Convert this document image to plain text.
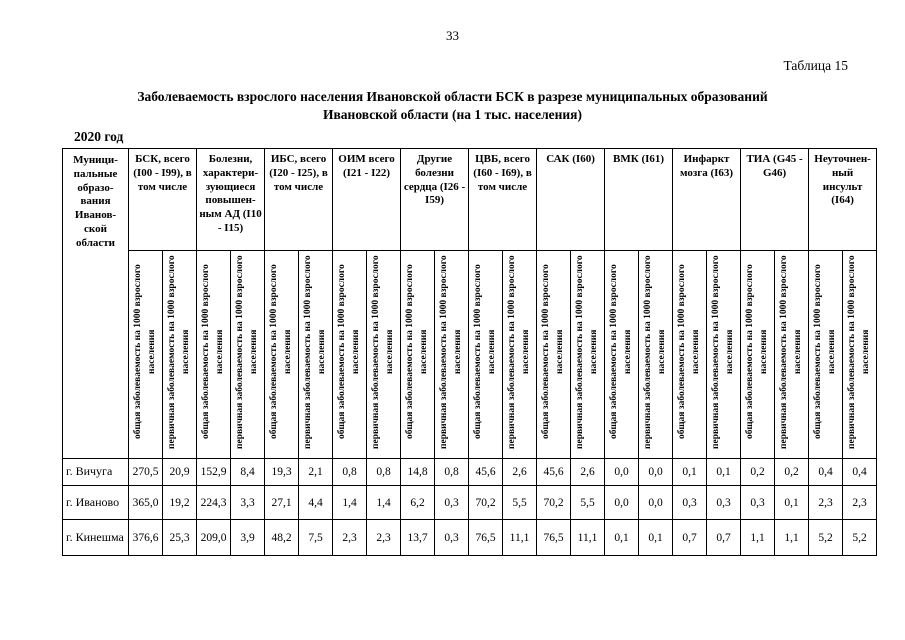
33
Таблица 15
Заболеваемость взрослого населения Ивановской области БСК в разрезе муниципальных образований
Ивановской области (на 1 тыс. населения)
2020 год
Муници-пальные образо-вания Иванов-ской области	БСК, всего (I00 - I99), в том числе		Болезни, характери-зующиеся повышен-ным АД (I10 - I15)		ИБС, всего (I20 - I25), в том числе		ОИМ всего (I21 - I22)		Другие болезни сердца (I26 - I59)		ЦВБ, всего (I60 - I69), в том числе		САК (I60)		ВМК (I61)		Инфаркт мозга (I63)		ТИА (G45 - G46)		Неуточнен-ный инсульт (I64)	
	общая заболеваемость на 1000 взрослого населения	первичная заболеваемость на 1000 взрослого населения	общая заболеваемость на 1000 взрослого населения	первичная заболеваемость на 1000 взрослого населения	общая заболеваемость на 1000 взрослого населения	первичная заболеваемость на 1000 взрослого населения	общая заболеваемость на 1000 взрослого населения	первичная заболеваемость на 1000 взрослого населения	общая заболеваемость на 1000 взрослого населения	первичная заболеваемость на 1000 взрослого населения	общая заболеваемость на 1000 взрослого населения	первичная заболеваемость на 1000 взрослого населения	общая заболеваемость на 1000 взрослого населения	первичная заболеваемость на 1000 взрослого населения	общая заболеваемость на 1000 взрослого населения	первичная заболеваемость на 1000 взрослого населения	общая заболеваемость на 1000 взрослого населения	первичная заболеваемость на 1000 взрослого населения	общая заболеваемость на 1000 взрослого населения	первичная заболеваемость на 1000 взрослого населения	общая заболеваемость на 1000 взрослого населения	первичная заболеваемость на 1000 взрослого населения
г. Вичуга	270,5	20,9	152,9	8,4	19,3	2,1	0,8	0,8	14,8	0,8	45,6	2,6	45,6	2,6	0,0	0,0	0,1	0,1	0,2	0,2	0,4	0,4
г. Иваново	365,0	19,2	224,3	3,3	27,1	4,4	1,4	1,4	6,2	0,3	70,2	5,5	70,2	5,5	0,0	0,0	0,3	0,3	0,3	0,1	2,3	2,3
г. Кинешма	376,6	25,3	209,0	3,9	48,2	7,5	2,3	2,3	13,7	0,3	76,5	11,1	76,5	11,1	0,1	0,1	0,7	0,7	1,1	1,1	5,2	5,2
